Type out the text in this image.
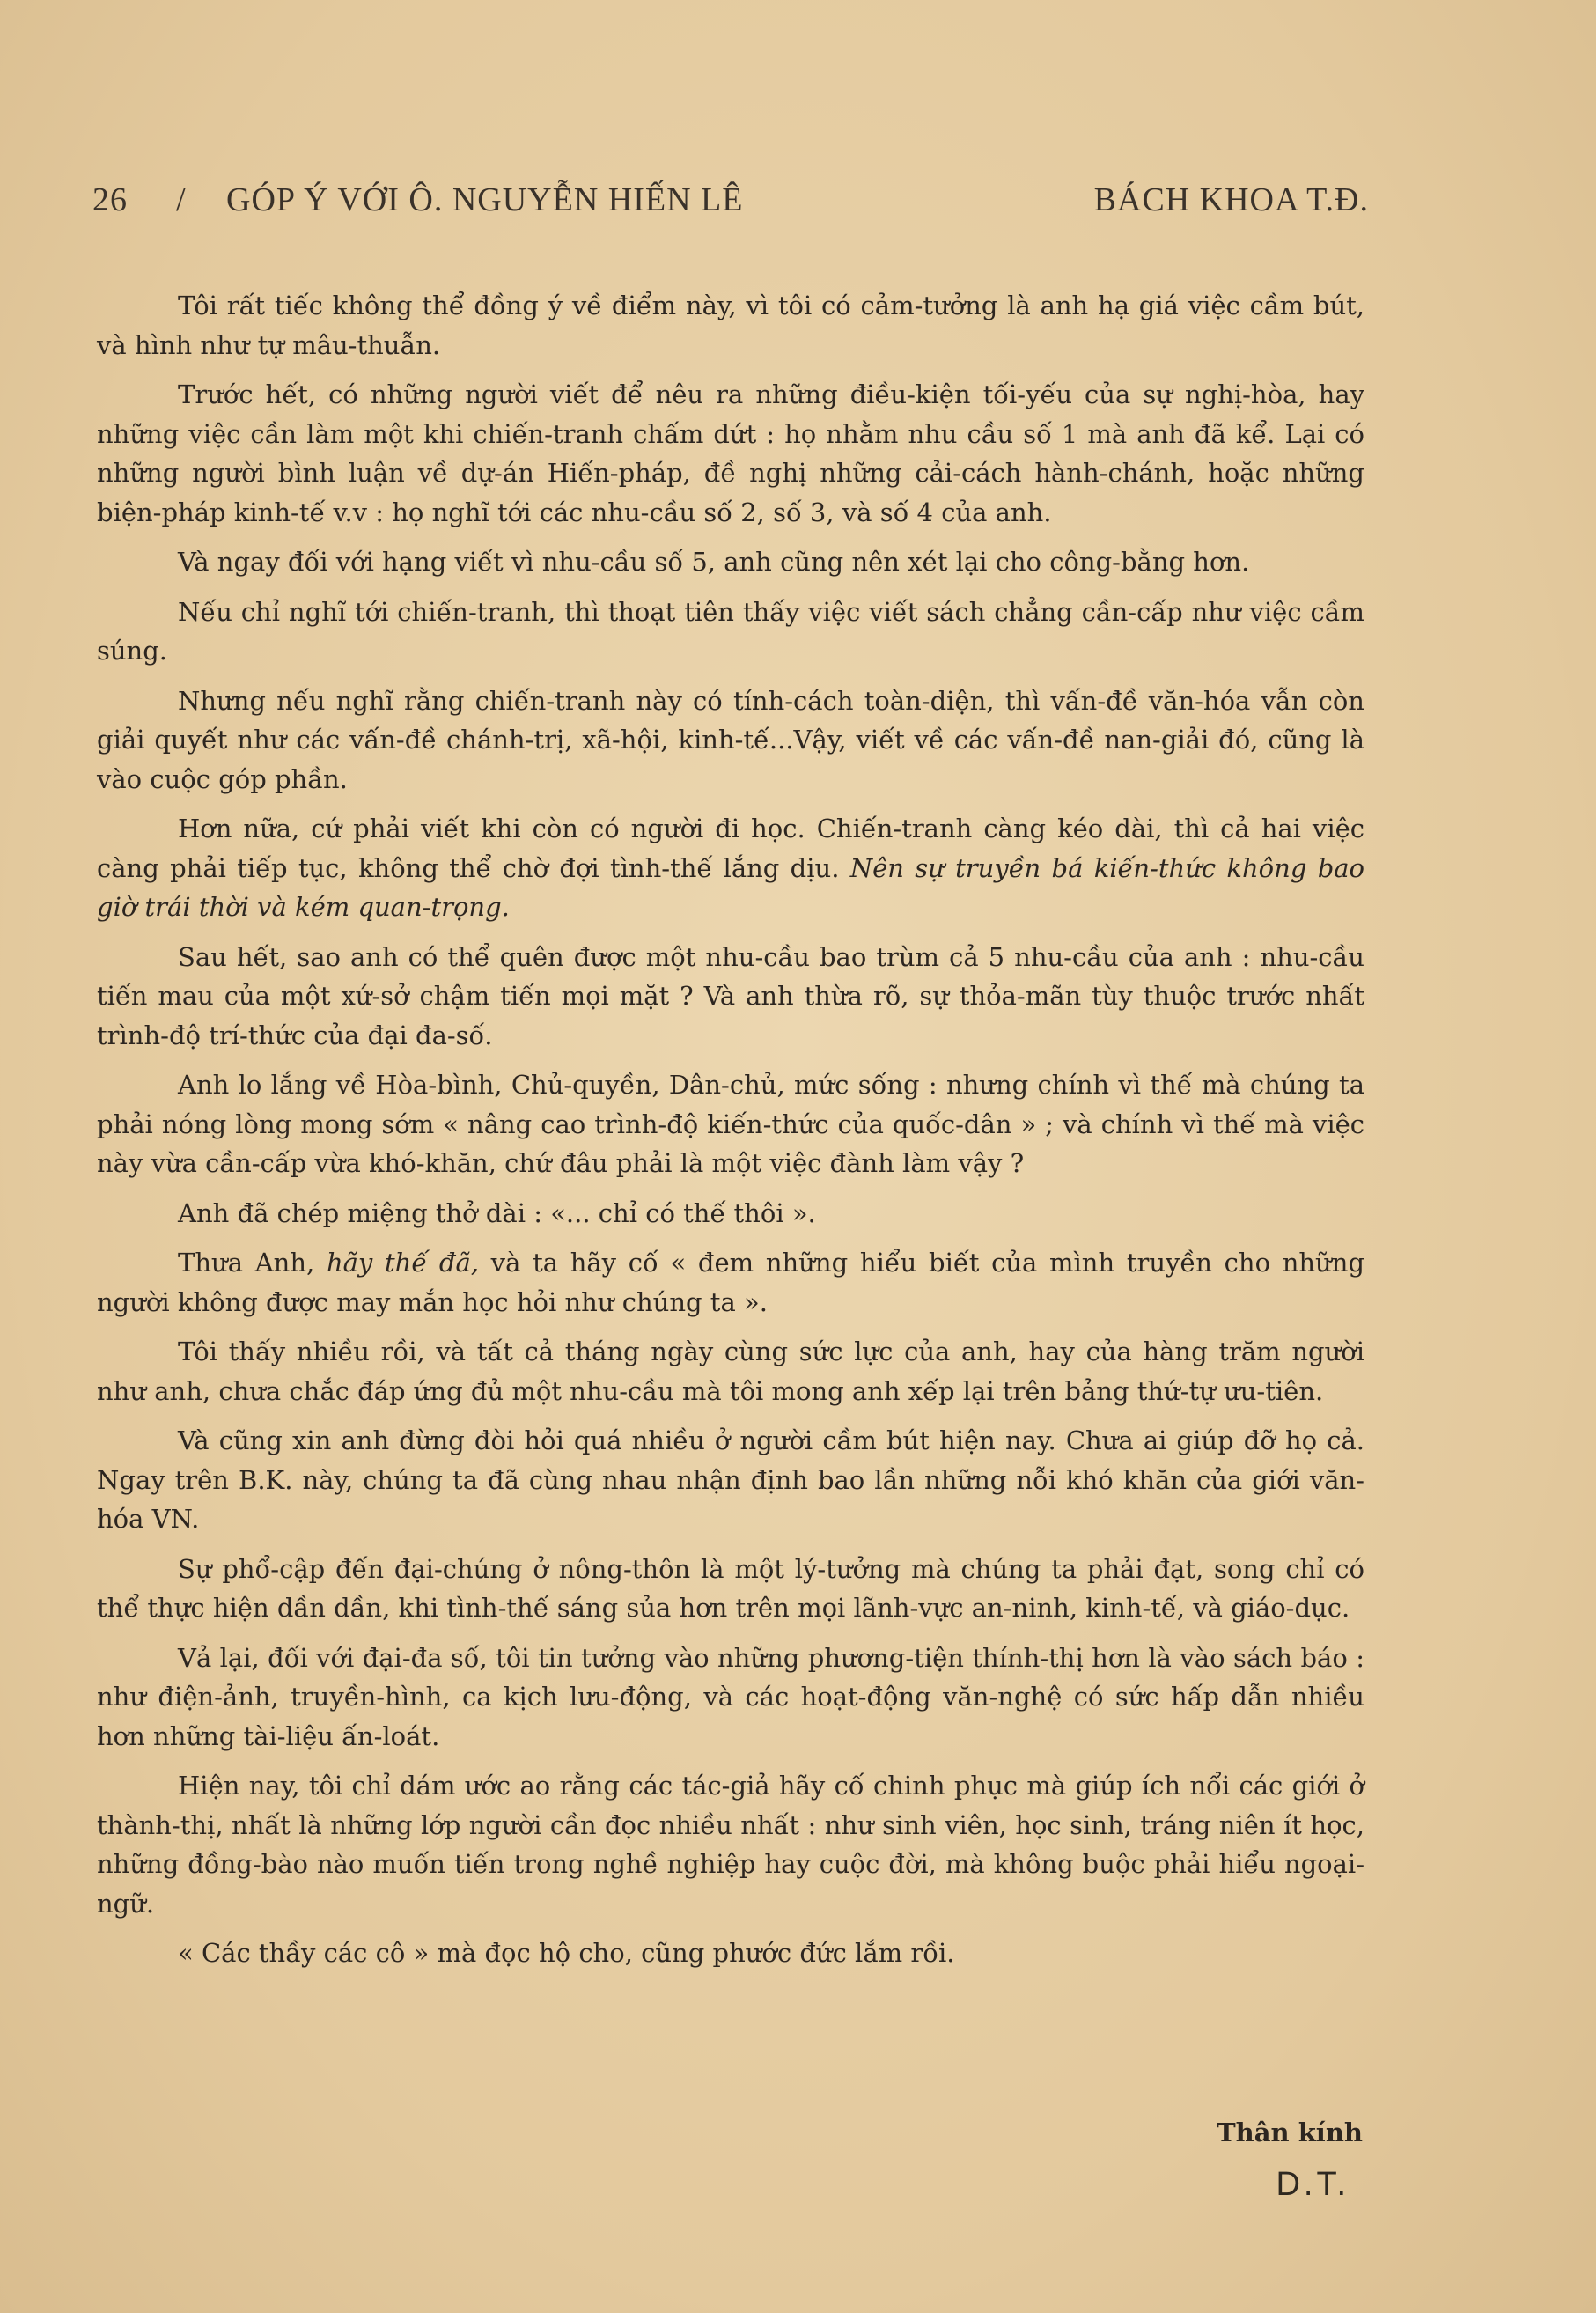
26 / GÓP Ý VỚI Ô. NGUYỄN HIẾN LÊ	BÁCH KHOA T.Đ.

Tôi rất tiếc không thể đồng ý về điểm này, vì tôi có cảm-tưởng là anh hạ giá việc cầm bút, và hình như tự mâu-thuẫn.

Trước hết, có những người viết để nêu ra những điều-kiện tối-yếu của sự nghị-hòa, hay những việc cần làm một khi chiến-tranh chấm dứt : họ nhằm nhu cầu số 1 mà anh đã kể. Lại có những người bình luận về dự-án Hiến-pháp, đề nghị những cải-cách hành-chánh, hoặc những biện-pháp kinh-tế v.v : họ nghĩ tới các nhu-cầu số 2, số 3, và số 4 của anh.

Và ngay đối với hạng viết vì nhu-cầu số 5, anh cũng nên xét lại cho công-bằng hơn.

Nếu chỉ nghĩ tới chiến-tranh, thì thoạt tiên thấy việc viết sách chẳng cần-cấp như việc cầm súng.

Nhưng nếu nghĩ rằng chiến-tranh này có tính-cách toàn-diện, thì vấn-đề văn-hóa vẫn còn giải quyết như các vấn-đề chánh-trị, xã-hội, kinh-tế...Vậy, viết về các vấn-đề nan-giải đó, cũng là vào cuộc góp phần.

Hơn nữa, cứ phải viết khi còn có người đi học. Chiến-tranh càng kéo dài, thì cả hai việc càng phải tiếp tục, không thể chờ đợi tình-thế lắng dịu. Nên sự truyền bá kiến-thức không bao giờ trái thời và kém quan-trọng.

Sau hết, sao anh có thể quên được một nhu-cầu bao trùm cả 5 nhu-cầu của anh : nhu-cầu tiến mau của một xứ-sở chậm tiến mọi mặt ? Và anh thừa rõ, sự thỏa-mãn tùy thuộc trước nhất trình-độ trí-thức của đại đa-số.

Anh lo lắng về Hòa-bình, Chủ-quyền, Dân-chủ, mức sống : nhưng chính vì thế mà chúng ta phải nóng lòng mong sớm « nâng cao trình-độ kiến-thức của quốc-dân » ; và chính vì thế mà việc này vừa cần-cấp vừa khó-khăn, chứ đâu phải là một việc đành làm vậy ?

Anh đã chép miệng thở dài : «... chỉ có thế thôi ».

Thưa Anh, hãy thế đã, và ta hãy cố « đem những hiểu biết của mình truyền cho những người không được may mắn học hỏi như chúng ta ».

Tôi thấy nhiều rồi, và tất cả tháng ngày cùng sức lực của anh, hay của hàng trăm người như anh, chưa chắc đáp ứng đủ một nhu-cầu mà tôi mong anh xếp lại trên bảng thứ-tự ưu-tiên.

Và cũng xin anh đừng đòi hỏi quá nhiều ở người cầm bút hiện nay. Chưa ai giúp đỡ họ cả. Ngay trên B.K. này, chúng ta đã cùng nhau nhận định bao lần những nỗi khó khăn của giới văn-hóa VN.

Sự phổ-cập đến đại-chúng ở nông-thôn là một lý-tưởng mà chúng ta phải đạt, song chỉ có thể thực hiện dần dần, khi tình-thế sáng sủa hơn trên mọi lãnh-vực an-ninh, kinh-tế, và giáo-dục.

Vả lại, đối với đại-đa số, tôi tin tưởng vào những phương-tiện thính-thị hơn là vào sách báo : như điện-ảnh, truyền-hình, ca kịch lưu-động, và các hoạt-động văn-nghệ có sức hấp dẫn nhiều hơn những tài-liệu ấn-loát.

Hiện nay, tôi chỉ dám ước ao rằng các tác-giả hãy cố chinh phục mà giúp ích nổi các giới ở thành-thị, nhất là những lớp người cần đọc nhiều nhất : như sinh viên, học sinh, tráng niên ít học, những đồng-bào nào muốn tiến trong nghề nghiệp hay cuộc đời, mà không buộc phải hiểu ngoại-ngữ.

« Các thầy các cô » mà đọc hộ cho, cũng phước đức lắm rồi.

Thân kính
D.T.
